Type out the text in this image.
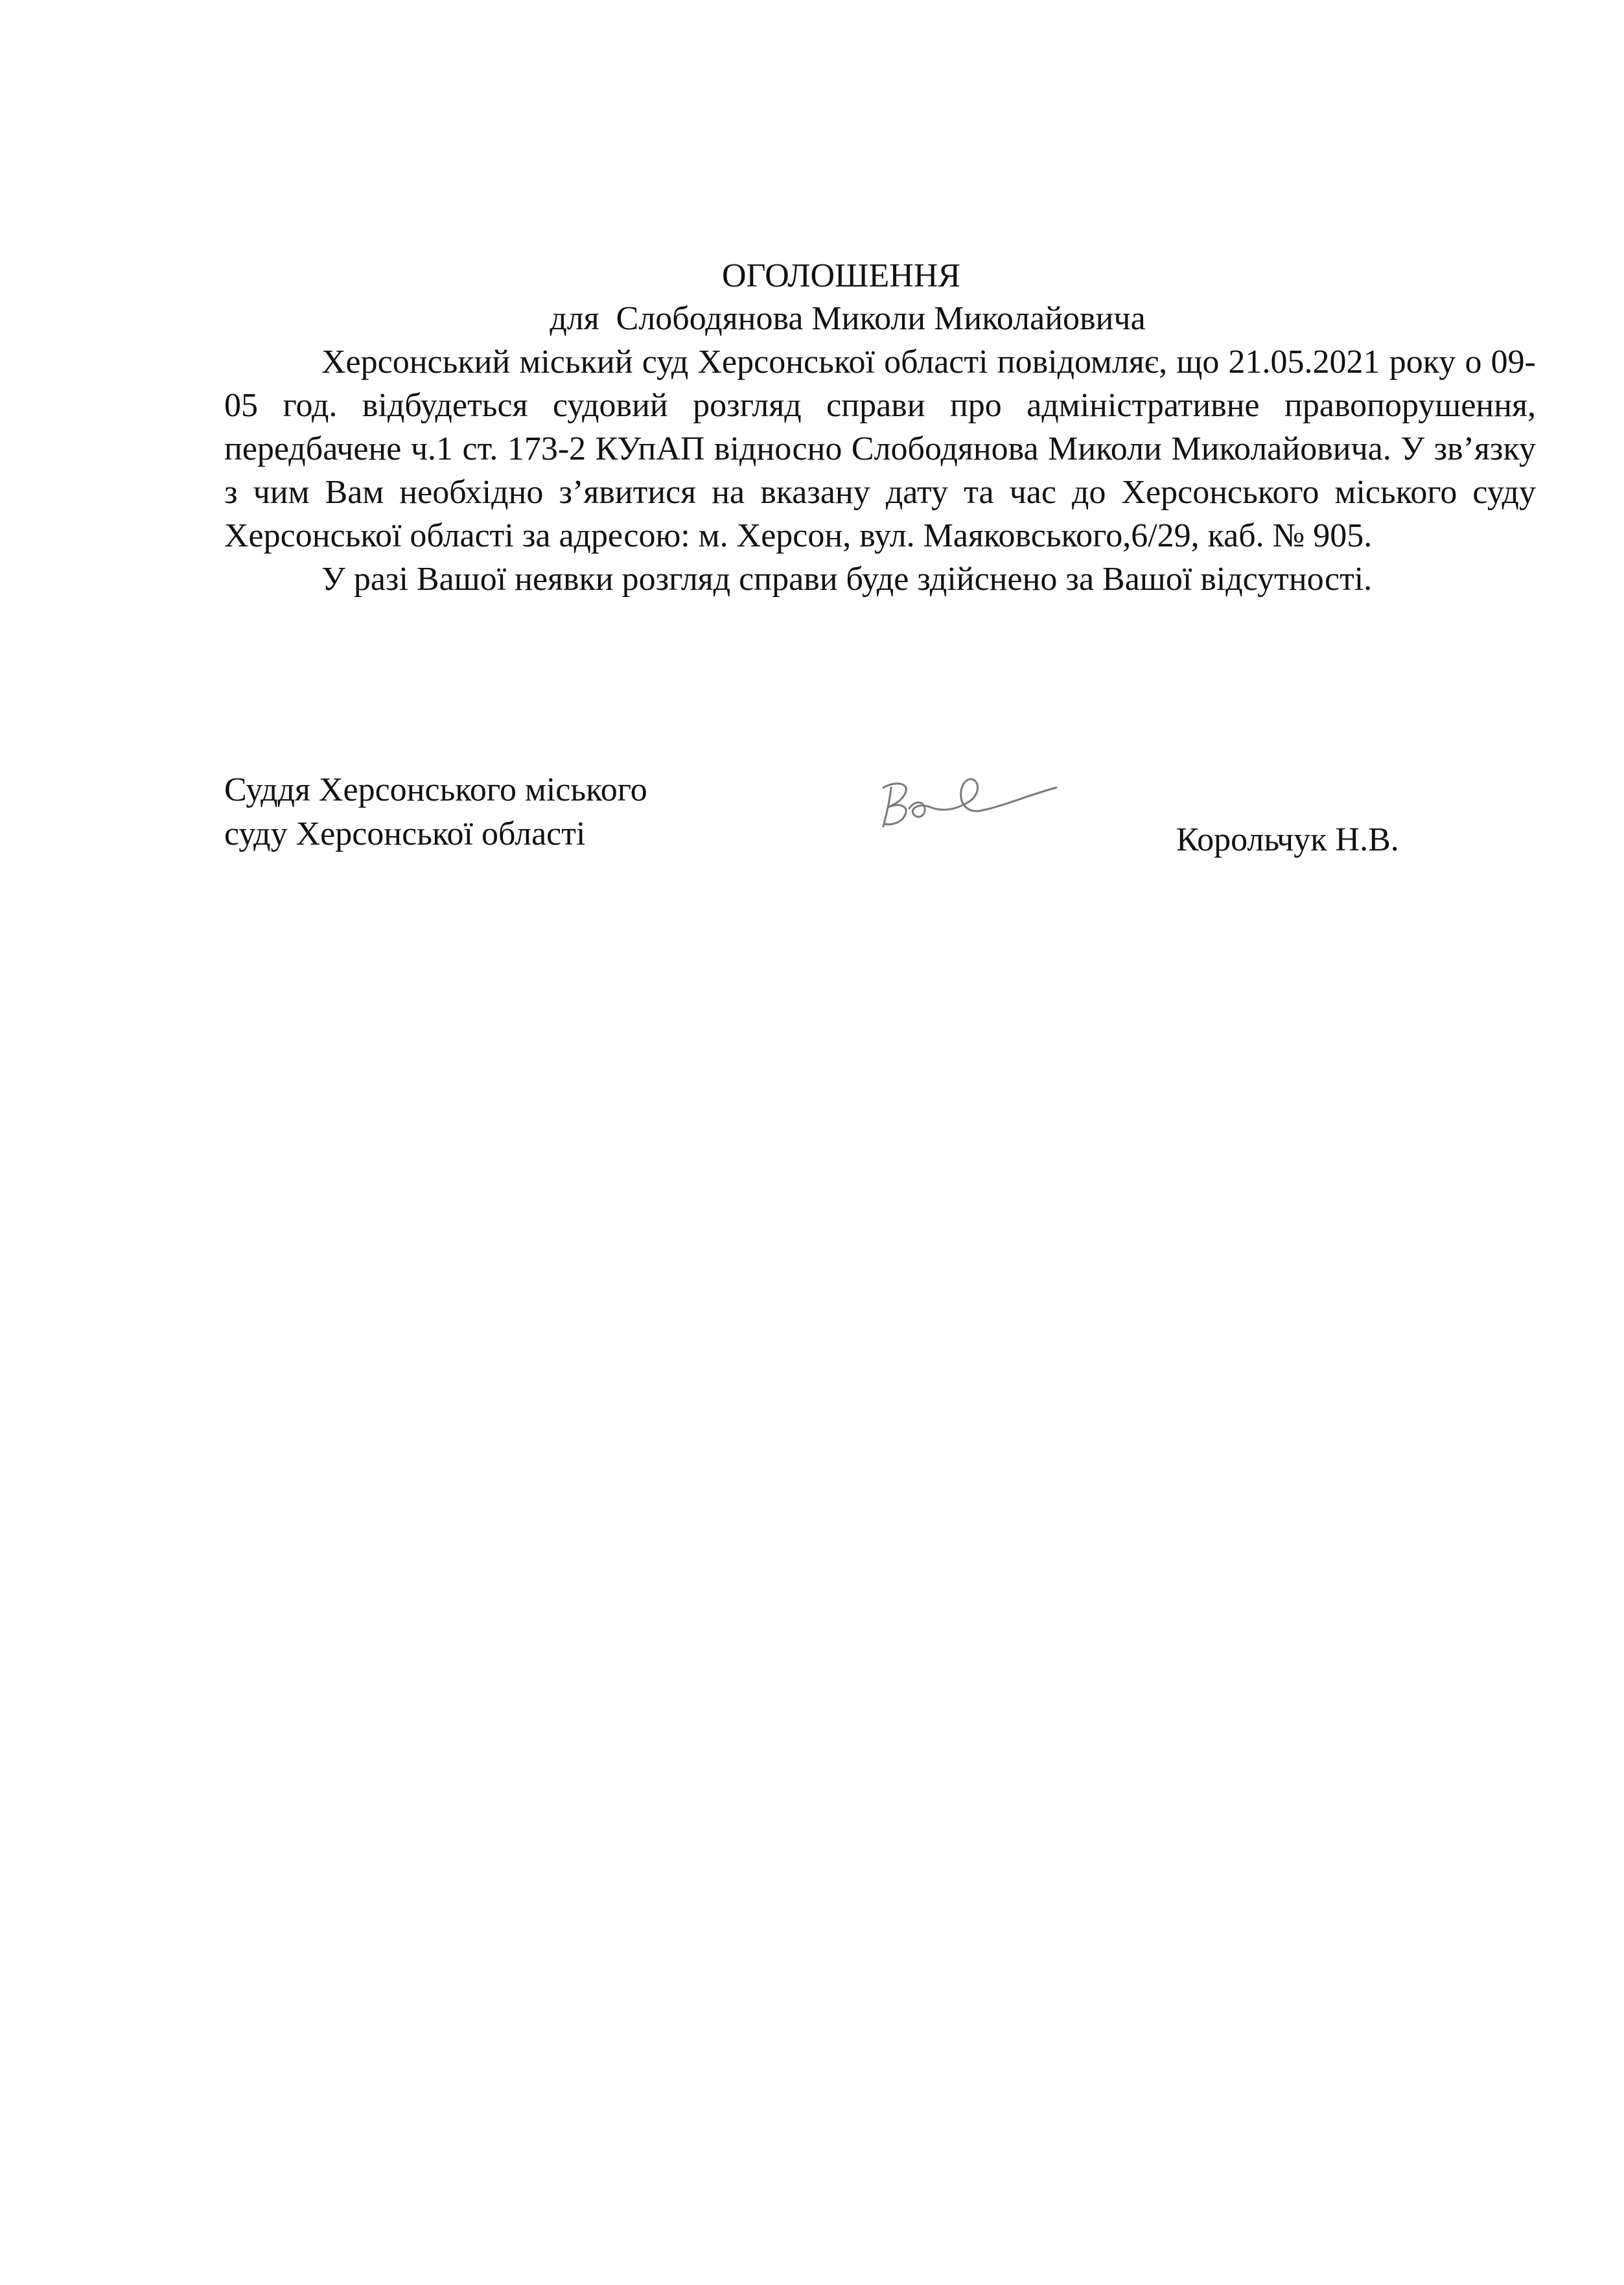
ОГОЛОШЕННЯ
для  Слободянова Миколи Миколайовича

Херсонський міський суд Херсонської області повідомляє, що 21.05.2021 року о 09-05 год. відбудеться судовий розгляд справи про адміністративне правопорушення, передбачене ч.1 ст. 173-2 КУпАП відносно Слободянова Миколи Миколайовича. У зв’язку з чим Вам необхідно з’явитися на вказану дату та час до Херсонського міського суду Херсонської області за адресою: м. Херсон, вул. Маяковського,6/29, каб. № 905.

У разі Вашої неявки розгляд справи буде здійснено за Вашої відсутності.

Суддя Херсонського міського
суду Херсонської області	Корольчук Н.В.
